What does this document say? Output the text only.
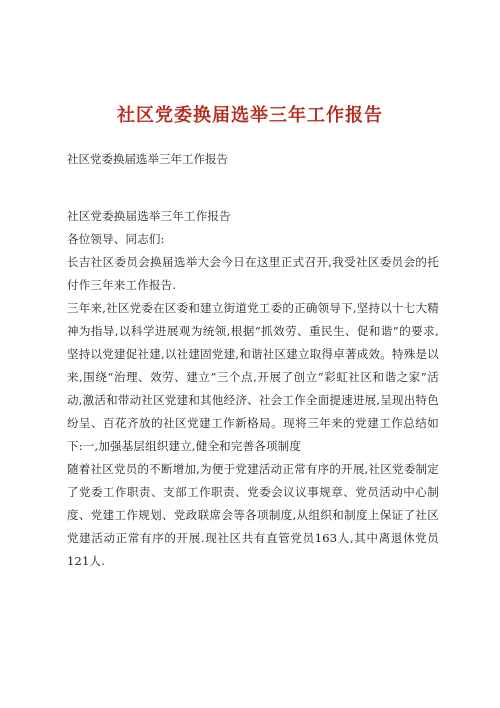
社区党委换届选举三年工作报告
社区党委换届选举三年工作报告

社区党委换届选举三年工作报告

各位领导、同志们:

长吉社区委员会换届选举大会今日在这里正式召开,我受社区委员会的托付作三年来工作报告.

三年来,社区党委在区委和建立街道党工委的正确领导下,坚持以十七大精神为指导,以科学进展观为统领,根据“抓效劳、重民生、促和谐”的要求,坚持以党建促社建,以社建固党建,和谐社区建立取得卓著成效。特殊是以来,围绕“治理、效劳、建立”三个点,开展了创立“彩虹社区和谐之家”活动,激活和带动社区党建和其他经济、社会工作全面提速进展,呈现出特色纷呈、百花齐放的社区党建工作新格局。现将三年来的党建工作总结如下:一,加强基层组织建立,健全和完善各项制度

随着社区党员的不断增加,为便于党建活动正常有序的开展,社区党委制定了党委工作职责、支部工作职责、党委会议议事规章、党员活动中心制度、党建工作规划、党政联席会等各项制度,从组织和制度上保证了社区党建活动正常有序的开展.现社区共有直管党员163人,其中离退休党员121人.
